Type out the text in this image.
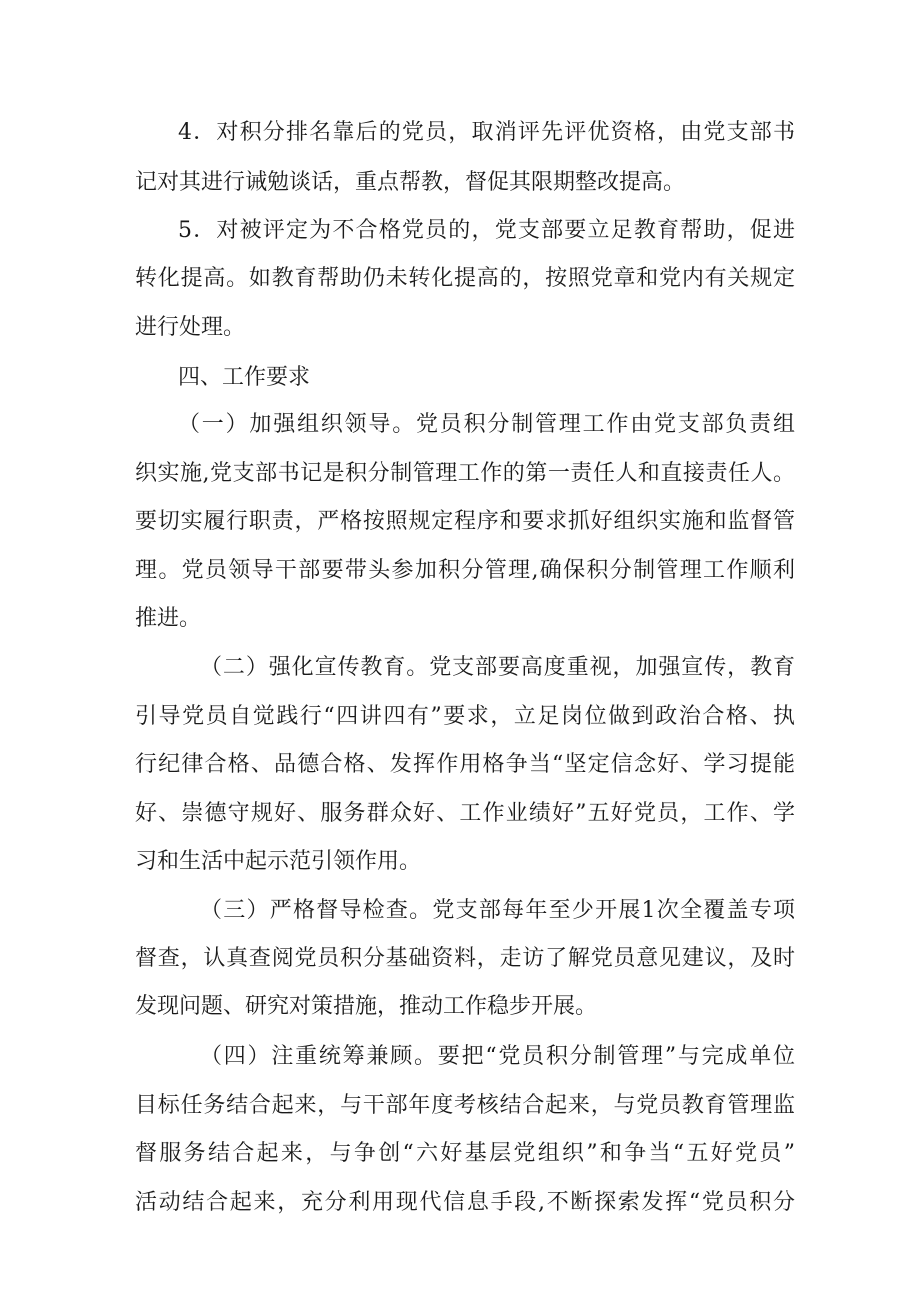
4．对积分排名靠后的党员，取消评先评优资格，由党支部书
记对其进行诫勉谈话，重点帮教，督促其限期整改提高。
5．对被评定为不合格党员的，党支部要立足教育帮助，促进
转化提高。如教育帮助仍未转化提高的，按照党章和党内有关规定
进行处理。
四、工作要求
（一）加强组织领导。党员积分制管理工作由党支部负责组
织实施,党支部书记是积分制管理工作的第一责任人和直接责任人。
要切实履行职责，严格按照规定程序和要求抓好组织实施和监督管
理。党员领导干部要带头参加积分管理,确保积分制管理工作顺利
推进。
（二）强化宣传教育。党支部要高度重视，加强宣传，教育
引导党员自觉践行“四讲四有”要求，立足岗位做到政治合格、执
行纪律合格、品德合格、发挥作用格争当“坚定信念好、学习提能
好、崇德守规好、服务群众好、工作业绩好”五好党员，工作、学
习和生活中起示范引领作用。
（三）严格督导检查。党支部每年至少开展1次全覆盖专项
督查，认真查阅党员积分基础资料，走访了解党员意见建议，及时
发现问题、研究对策措施，推动工作稳步开展。
（四）注重统筹兼顾。要把“党员积分制管理”与完成单位
目标任务结合起来，与干部年度考核结合起来，与党员教育管理监
督服务结合起来，与争创“六好基层党组织”和争当“五好党员”
活动结合起来，充分利用现代信息手段,不断探索发挥“党员积分
